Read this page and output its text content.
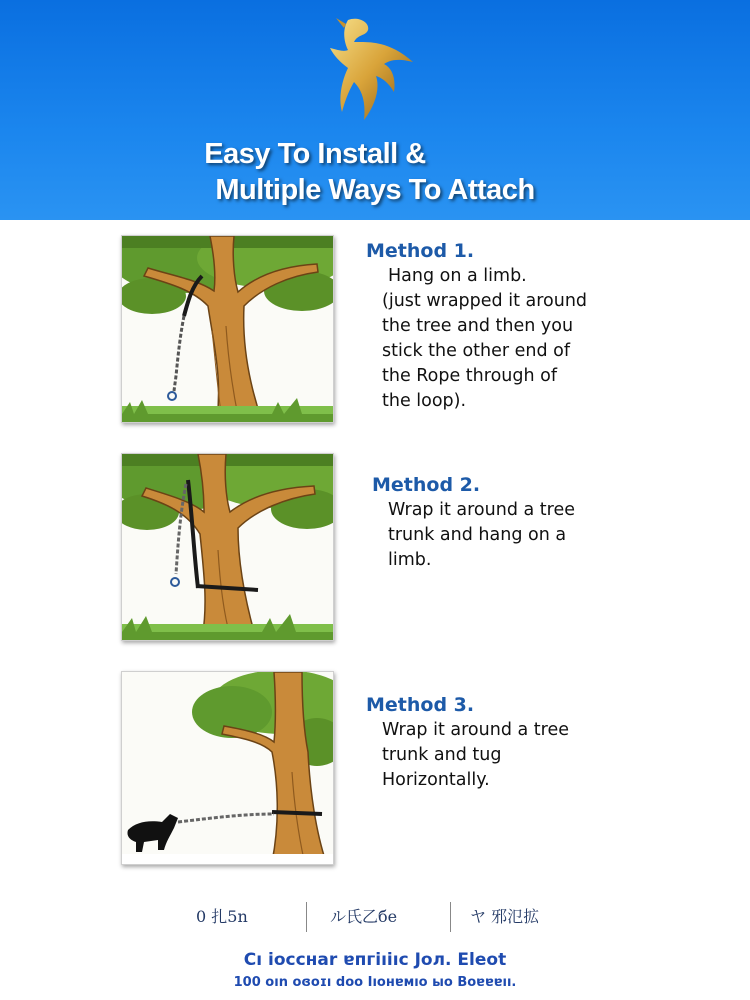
Easy To Install &
Multiple Ways To Attach
Method 1.
Hang on a limb.
(just wrapped it around
the tree and then you
stick the other end of
the Rope through of
the loop).
Method 2.
Wrap it around a tree
trunk and hang on a
limb.
Method 3.
Wrap it around a tree
trunk and tug
Horizontally.
0 扎5n	ル氏乙бе	ヤ 邪氾拡
Cı ioccнаr ɐпгiıiıc Joл. Eleot
100 oın oɞoɪı doo Iıoʜɐмıo ыo Boɐɐɐıı.
